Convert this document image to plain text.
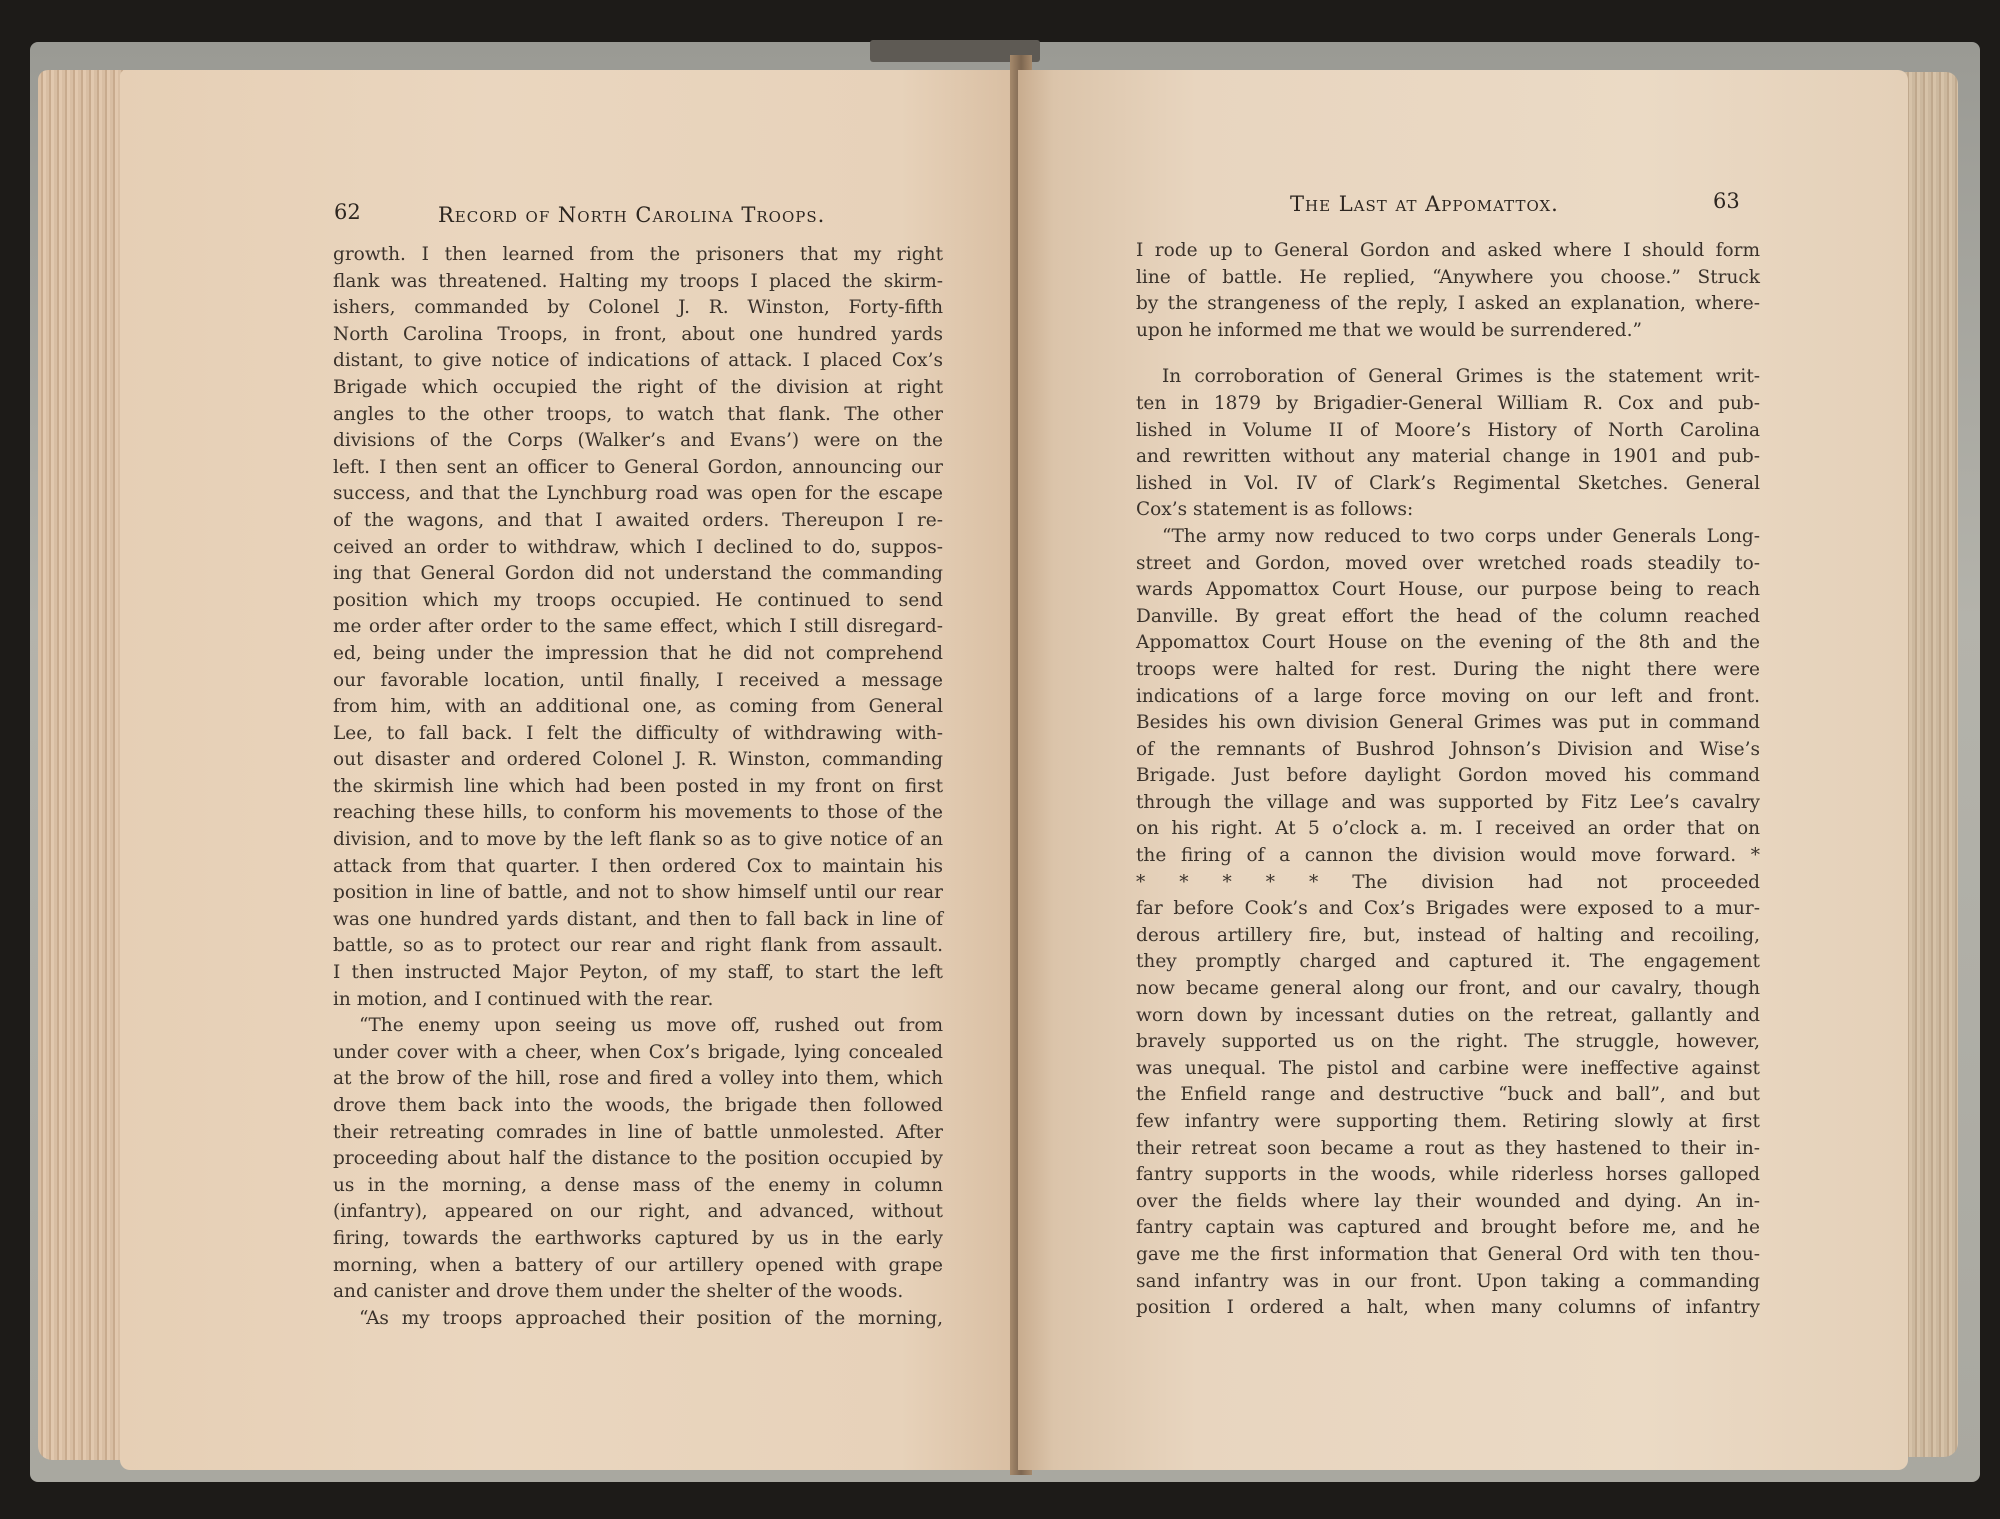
62	Record of North Carolina Troops.
growth. I then learned from the prisoners that my right
flank was threatened. Halting my troops I placed the skirm-
ishers, commanded by Colonel J. R. Winston, Forty-fifth
North Carolina Troops, in front, about one hundred yards
distant, to give notice of indications of attack. I placed Cox’s
Brigade which occupied the right of the division at right
angles to the other troops, to watch that flank. The other
divisions of the Corps (Walker’s and Evans’) were on the
left. I then sent an officer to General Gordon, announcing our
success, and that the Lynchburg road was open for the escape
of the wagons, and that I awaited orders. Thereupon I re-
ceived an order to withdraw, which I declined to do, suppos-
ing that General Gordon did not understand the commanding
position which my troops occupied. He continued to send
me order after order to the same effect, which I still disregard-
ed, being under the impression that he did not comprehend
our favorable location, until finally, I received a message
from him, with an additional one, as coming from General
Lee, to fall back. I felt the difficulty of withdrawing with-
out disaster and ordered Colonel J. R. Winston, commanding
the skirmish line which had been posted in my front on first
reaching these hills, to conform his movements to those of the
division, and to move by the left flank so as to give notice of an
attack from that quarter. I then ordered Cox to maintain his
position in line of battle, and not to show himself until our rear
was one hundred yards distant, and then to fall back in line of
battle, so as to protect our rear and right flank from assault.
I then instructed Major Peyton, of my staff, to start the left
in motion, and I continued with the rear.
“The enemy upon seeing us move off, rushed out from
under cover with a cheer, when Cox’s brigade, lying concealed
at the brow of the hill, rose and fired a volley into them, which
drove them back into the woods, the brigade then followed
their retreating comrades in line of battle unmolested. After
proceeding about half the distance to the position occupied by
us in the morning, a dense mass of the enemy in column
(infantry), appeared on our right, and advanced, without
firing, towards the earthworks captured by us in the early
morning, when a battery of our artillery opened with grape
and canister and drove them under the shelter of the woods.
“As my troops approached their position of the morning,
The Last at Appomattox.	63
I rode up to General Gordon and asked where I should form
line of battle. He replied, “Anywhere you choose.” Struck
by the strangeness of the reply, I asked an explanation, where-
upon he informed me that we would be surrendered.”
In corroboration of General Grimes is the statement writ-
ten in 1879 by Brigadier-General William R. Cox and pub-
lished in Volume II of Moore’s History of North Carolina
and rewritten without any material change in 1901 and pub-
lished in Vol. IV of Clark’s Regimental Sketches. General
Cox’s statement is as follows:
“The army now reduced to two corps under Generals Long-
street and Gordon, moved over wretched roads steadily to-
wards Appomattox Court House, our purpose being to reach
Danville. By great effort the head of the column reached
Appomattox Court House on the evening of the 8th and the
troops were halted for rest. During the night there were
indications of a large force moving on our left and front.
Besides his own division General Grimes was put in command
of the remnants of Bushrod Johnson’s Division and Wise’s
Brigade. Just before daylight Gordon moved his command
through the village and was supported by Fitz Lee’s cavalry
on his right. At 5 o’clock a. m. I received an order that on
the firing of a cannon the division would move forward. *
* * * * * The division had not proceeded
far before Cook’s and Cox’s Brigades were exposed to a mur-
derous artillery fire, but, instead of halting and recoiling,
they promptly charged and captured it. The engagement
now became general along our front, and our cavalry, though
worn down by incessant duties on the retreat, gallantly and
bravely supported us on the right. The struggle, however,
was unequal. The pistol and carbine were ineffective against
the Enfield range and destructive “buck and ball”, and but
few infantry were supporting them. Retiring slowly at first
their retreat soon became a rout as they hastened to their in-
fantry supports in the woods, while riderless horses galloped
over the fields where lay their wounded and dying. An in-
fantry captain was captured and brought before me, and he
gave me the first information that General Ord with ten thou-
sand infantry was in our front. Upon taking a commanding
position I ordered a halt, when many columns of infantry
